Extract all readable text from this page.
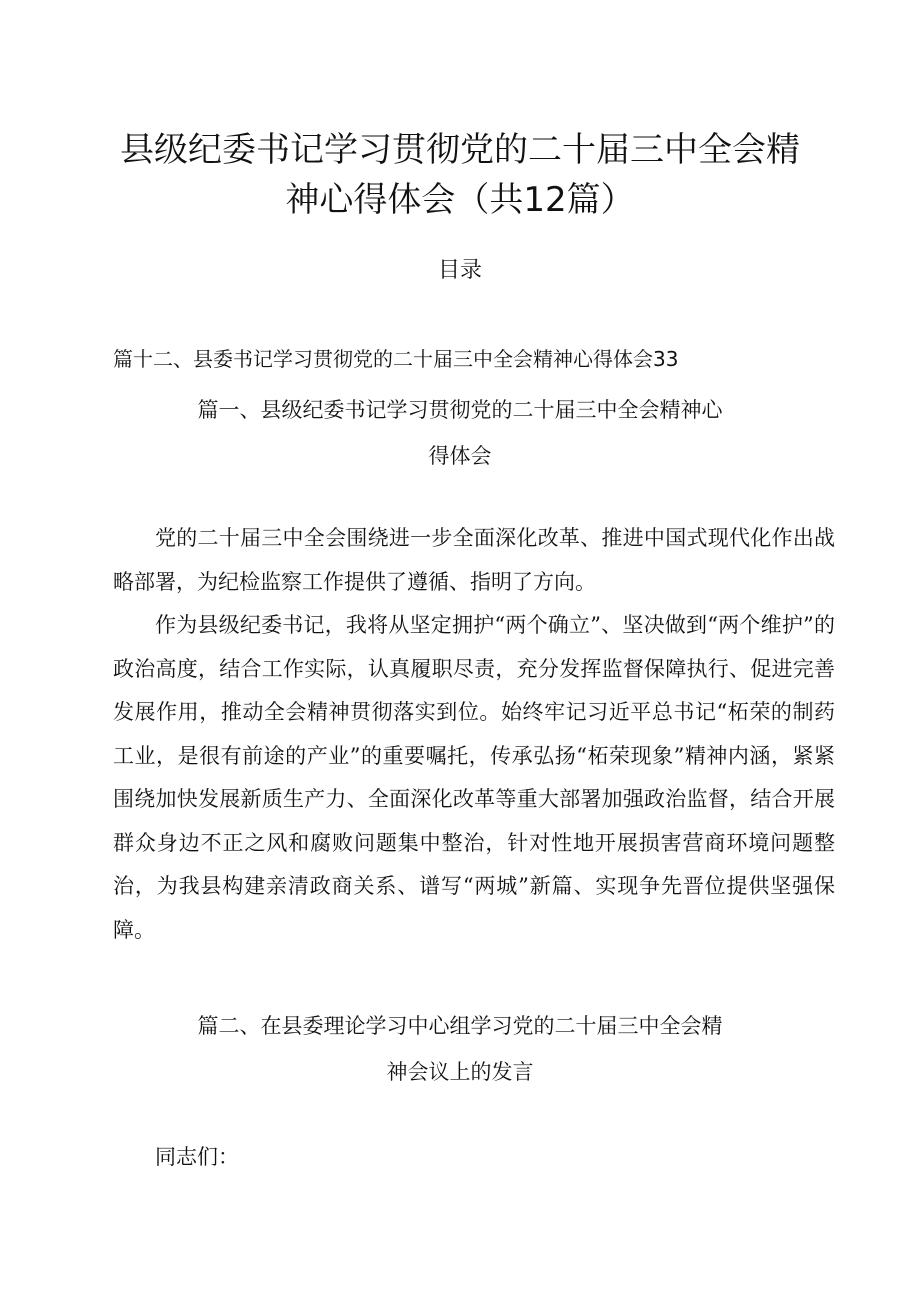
县级纪委书记学习贯彻党的二十届三中全会精
神心得体会（共12篇）
目录
篇十二、县委书记学习贯彻党的二十届三中全会精神心得体会33
篇一、县级纪委书记学习贯彻党的二十届三中全会精神心
得体会

党的二十届三中全会围绕进一步全面深化改革、推进中国式现代化作出战略部署，为纪检监察工作提供了遵循、指明了方向。

作为县级纪委书记，我将从坚定拥护“两个确立”、坚决做到“两个维护”的政治高度，结合工作实际，认真履职尽责，充分发挥监督保障执行、促进完善发展作用，推动全会精神贯彻落实到位。始终牢记习近平总书记“柘荣的制药工业，是很有前途的产业”的重要嘱托，传承弘扬“柘荣现象”精神内涵，紧紧围绕加快发展新质生产力、全面深化改革等重大部署加强政治监督，结合开展群众身边不正之风和腐败问题集中整治，针对性地开展损害营商环境问题整治，为我县构建亲清政商关系、谱写“两城”新篇、实现争先晋位提供坚强保障。

篇二、在县委理论学习中心组学习党的二十届三中全会精
神会议上的发言

同志们：
